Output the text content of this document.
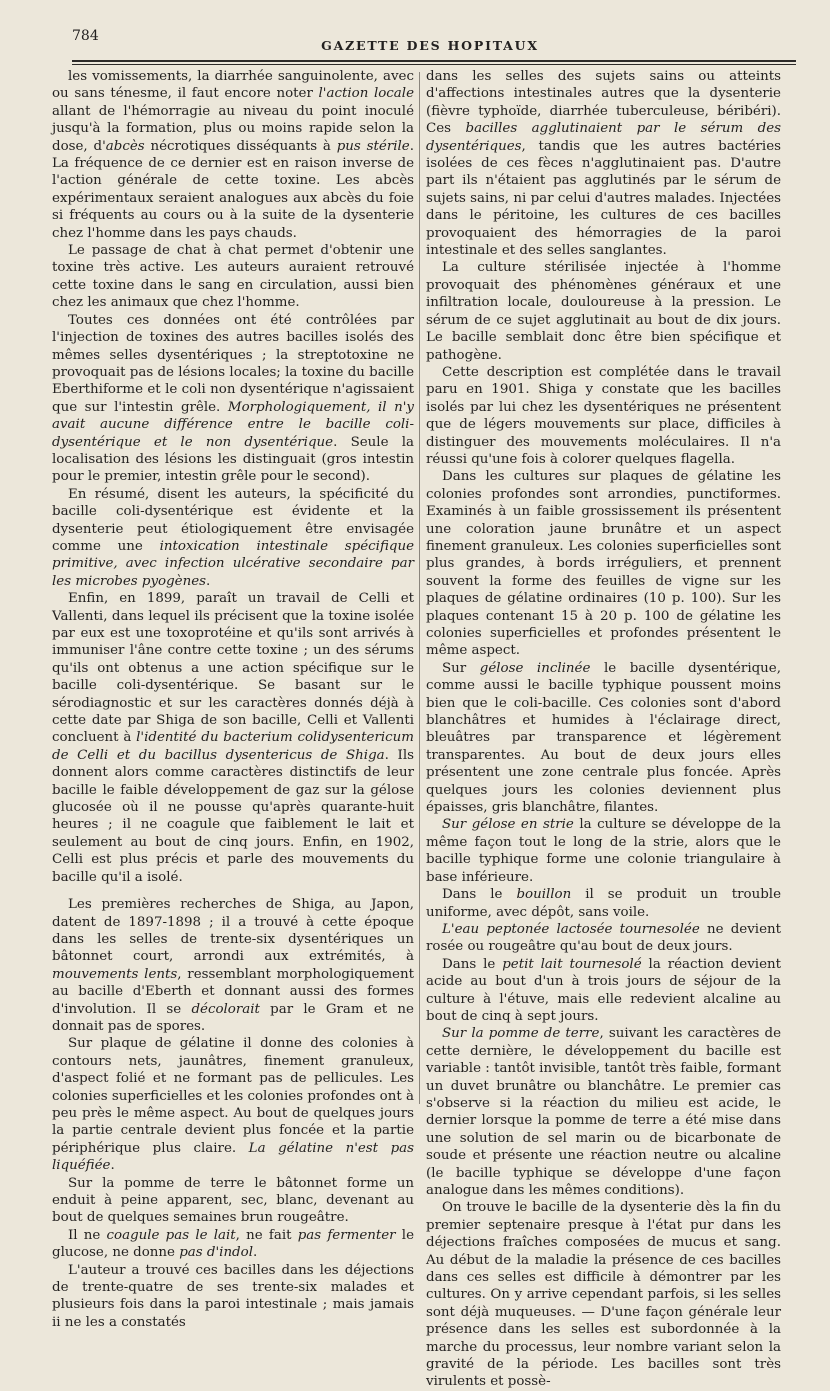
784
GAZETTE DES HOPITAUX

les vomissements, la diarrhée sanguinolente, avec ou sans ténesme, il faut encore noter l'action locale allant de l'hémorragie au niveau du point inoculé jusqu'à la formation, plus ou moins rapide selon la dose, d'abcès nécrotiques disséquants à pus stérile. La fréquence de ce dernier est en raison inverse de l'action générale de cette toxine. Les abcès expérimentaux seraient analogues aux abcès du foie si fréquents au cours ou à la suite de la dysenterie chez l'homme dans les pays chauds.

Le passage de chat à chat permet d'obtenir une toxine très active. Les auteurs auraient retrouvé cette toxine dans le sang en circulation, aussi bien chez les animaux que chez l'homme.

Toutes ces données ont été contrôlées par l'injection de toxines des autres bacilles isolés des mêmes selles dysentériques ; la streptotoxine ne provoquait pas de lésions locales; la toxine du bacille Eberthiforme et le coli non dysentérique n'agissaient que sur l'intestin grêle. Morphologiquement, il n'y avait aucune différence entre le bacille coli-dysentérique et le non dysentérique. Seule la localisation des lésions les distinguait (gros intestin pour le premier, intestin grêle pour le second).

En résumé, disent les auteurs, la spécificité du bacille coli-dysentérique est évidente et la dysenterie peut étiologiquement être envisagée comme une intoxication intestinale spécifique primitive, avec infection ulcérative secondaire par les microbes pyogènes.

Enfin, en 1899, paraît un travail de Celli et Vallenti, dans lequel ils précisent que la toxine isolée par eux est une toxoprotéine et qu'ils sont arrivés à immuniser l'âne contre cette toxine ; un des sérums qu'ils ont obtenus a une action spécifique sur le bacille coli-dysentérique. Se basant sur le sérodiagnostic et sur les caractères donnés déjà à cette date par Shiga de son bacille, Celli et Vallenti concluent à l'identité du bacterium colidysentericum de Celli et du bacillus dysentericus de Shiga. Ils donnent alors comme caractères distinctifs de leur bacille le faible développement de gaz sur la gélose glucosée où il ne pousse qu'après quarante-huit heures ; il ne coagule que faiblement le lait et seulement au bout de cinq jours. Enfin, en 1902, Celli est plus précis et parle des mouvements du bacille qu'il a isolé.

Les premières recherches de Shiga, au Japon, datent de 1897-1898 ; il a trouvé à cette époque dans les selles de trente-six dysentériques un bâtonnet court, arrondi aux extrémités, à mouvements lents, ressemblant morphologiquement au bacille d'Eberth et donnant aussi des formes d'involution. Il se décolorait par le Gram et ne donnait pas de spores.

Sur plaque de gélatine il donne des colonies à contours nets, jaunâtres, finement granuleux, d'aspect folié et ne formant pas de pellicules. Les colonies superficielles et les colonies profondes ont à peu près le même aspect. Au bout de quelques jours la partie centrale devient plus foncée et la partie périphérique plus claire. La gélatine n'est pas liquéfiée.

Sur la pomme de terre le bâtonnet forme un enduit à peine apparent, sec, blanc, devenant au bout de quelques semaines brun rougeâtre.

Il ne coagule pas le lait, ne fait pas fermenter le glucose, ne donne pas d'indol.

L'auteur a trouvé ces bacilles dans les déjections de trente-quatre de ses trente-six malades et plusieurs fois dans la paroi intestinale ; mais jamais ii ne les a constatés

dans les selles des sujets sains ou atteints d'affections intestinales autres que la dysenterie (fièvre typhoïde, diarrhée tuberculeuse, béribéri). Ces bacilles agglutinaient par le sérum des dysentériques, tandis que les autres bactéries isolées de ces fèces n'agglutinaient pas. D'autre part ils n'étaient pas agglutinés par le sérum de sujets sains, ni par celui d'autres malades. Injectées dans le péritoine, les cultures de ces bacilles provoquaient des hémorragies de la paroi intestinale et des selles sanglantes.

La culture stérilisée injectée à l'homme provoquait des phénomènes généraux et une infiltration locale, douloureuse à la pression. Le sérum de ce sujet agglutinait au bout de dix jours. Le bacille semblait donc être bien spécifique et pathogène.

Cette description est complétée dans le travail paru en 1901. Shiga y constate que les bacilles isolés par lui chez les dysentériques ne présentent que de légers mouvements sur place, difficiles à distinguer des mouvements moléculaires. Il n'a réussi qu'une fois à colorer quelques flagella.

Dans les cultures sur plaques de gélatine les colonies profondes sont arrondies, punctiformes. Examinés à un faible grossissement ils présentent une coloration jaune brunâtre et un aspect finement granuleux. Les colonies superficielles sont plus grandes, à bords irréguliers, et prennent souvent la forme des feuilles de vigne sur les plaques de gélatine ordinaires (10 p. 100). Sur les plaques contenant 15 à 20 p. 100 de gélatine les colonies superficielles et profondes présentent le même aspect.

Sur gélose inclinée le bacille dysentérique, comme aussi le bacille typhique poussent moins bien que le coli-bacille. Ces colonies sont d'abord blanchâtres et humides à l'éclairage direct, bleuâtres par transparence et légèrement transparentes. Au bout de deux jours elles présentent une zone centrale plus foncée. Après quelques jours les colonies deviennent plus épaisses, gris blanchâtre, filantes.

Sur gélose en strie la culture se développe de la même façon tout le long de la strie, alors que le bacille typhique forme une colonie triangulaire à base inférieure.

Dans le bouillon il se produit un trouble uniforme, avec dépôt, sans voile.

L'eau peptonée lactosée tournesolée ne devient rosée ou rougeâtre qu'au bout de deux jours.

Dans le petit lait tournesolé la réaction devient acide au bout d'un à trois jours de séjour de la culture à l'étuve, mais elle redevient alcaline au bout de cinq à sept jours.

Sur la pomme de terre, suivant les caractères de cette dernière, le développement du bacille est variable : tantôt invisible, tantôt très faible, formant un duvet brunâtre ou blanchâtre. Le premier cas s'observe si la réaction du milieu est acide, le dernier lorsque la pomme de terre a été mise dans une solution de sel marin ou de bicarbonate de soude et présente une réaction neutre ou alcaline (le bacille typhique se développe d'une façon analogue dans les mêmes conditions).

On trouve le bacille de la dysenterie dès la fin du premier septenaire presque à l'état pur dans les déjections fraîches composées de mucus et sang. Au début de la maladie la présence de ces bacilles dans ces selles est difficile à démontrer par les cultures. On y arrive cependant parfois, si les selles sont déjà muqueuses. — D'une façon générale leur présence dans les selles est subordonnée à la marche du processus, leur nombre variant selon la gravité de la période. Les bacilles sont très virulents et possè-
